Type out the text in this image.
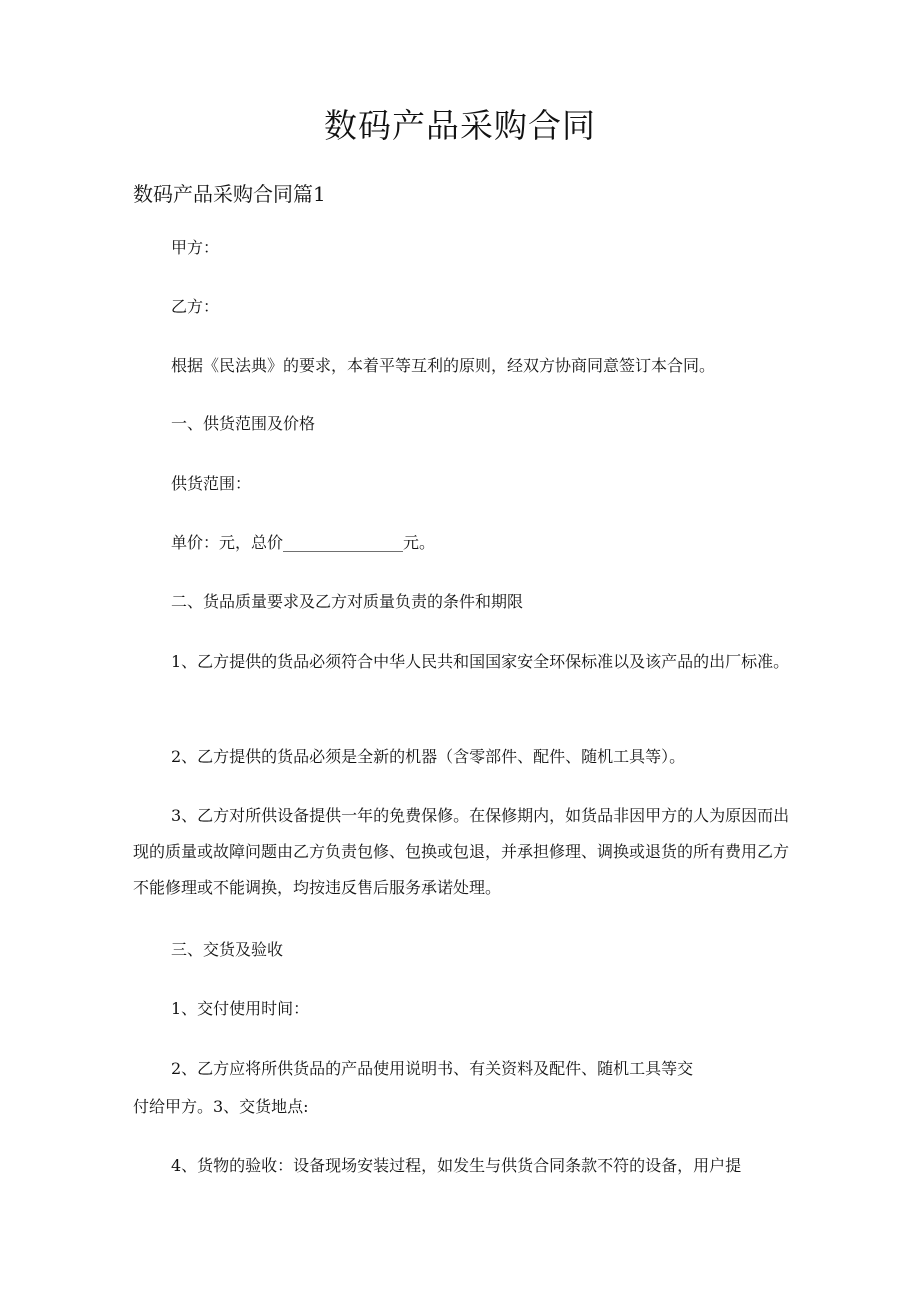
数码产品采购合同
数码产品采购合同篇1

甲方：

乙方：

根据《民法典》的要求，本着平等互利的原则，经双方协商同意签订本合同。

一、供货范围及价格

供货范围：

单价：元，总价_______________元。

二、货品质量要求及乙方对质量负责的条件和期限

1、乙方提供的货品必须符合中华人民共和国国家安全环保标准以及该产品的出厂标准。

2、乙方提供的货品必须是全新的机器（含零部件、配件、随机工具等）。

3、乙方对所供设备提供一年的免费保修。在保修期内，如货品非因甲方的人为原因而出现的质量或故障问题由乙方负责包修、包换或包退，并承担修理、调换或退货的所有费用乙方不能修理或不能调换，均按违反售后服务承诺处理。

三、交货及验收

1、交付使用时间：

2、乙方应将所供货品的产品使用说明书、有关资料及配件、随机工具等交

付给甲方。3、交货地点:

4、货物的验收：设备现场安装过程，如发生与供货合同条款不符的设备，用户提
